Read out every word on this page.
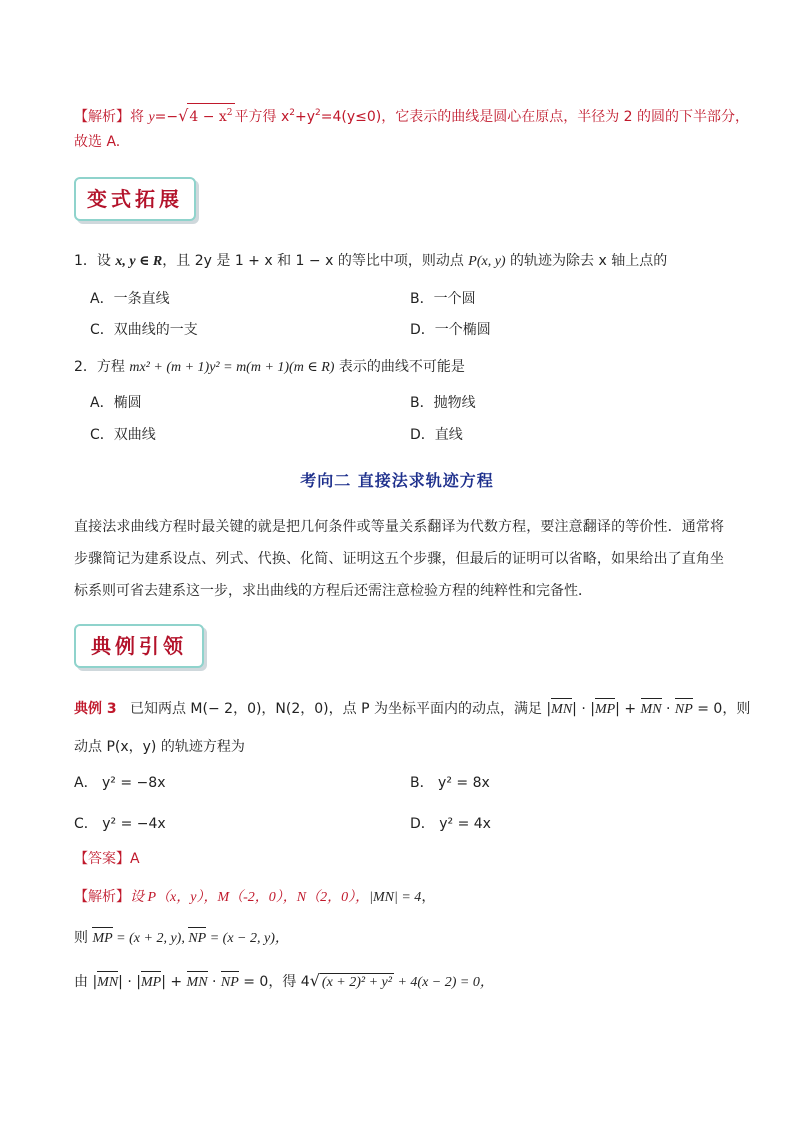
【解析】将 $y=-√4 - x^2$ 平方得 $x^2+y^2=4(y\le 0)$，它表示的曲线是圆心在原点，半径为 2 的圆的下半部分，
故选 A.
变式拓展
1．设 x, y ∈ R，且 2y 是 1 + x 和 1 − x 的等比中项，则动点 P(x, y) 的轨迹为除去 x 轴上点的
A．一条直线	B．一个圆
C．双曲线的一支	D．一个椭圆
2．方程 mx² + (m + 1)y² = m(m + 1)(m ∈ R) 表示的曲线不可能是
A．椭圆	B．抛物线
C．双曲线	D．直线
考向二 直接法求轨迹方程
直接法求曲线方程时最关键的就是把几何条件或等量关系翻译为代数方程，要注意翻译的等价性．通常将步骤简记为建系设点、列式、代换、化简、证明这五个步骤，但最后的证明可以省略，如果给出了直角坐标系则可省去建系这一步，求出曲线的方程后还需注意检验方程的纯粹性和完备性．
典例引领
典例 3 已知两点 M(− 2，0)，N(2，0)，点 P 为坐标平面内的动点，满足 |MN| · |MP| + MN · NP = 0，则
动点 P(x，y) 的轨迹方程为
A． y² = −8x	B． y² = 8x
C． y² = −4x	D． y² = 4x
【答案】A
【解析】设 P（x，y），M（-2，0），N（2，0），|MN| = 4，
则 MP = (x + 2, y), NP = (x − 2, y)，
由 |MN| · |MP| + MN · NP = 0，得 4√ (x + 2)² + y² + 4(x − 2) = 0，
